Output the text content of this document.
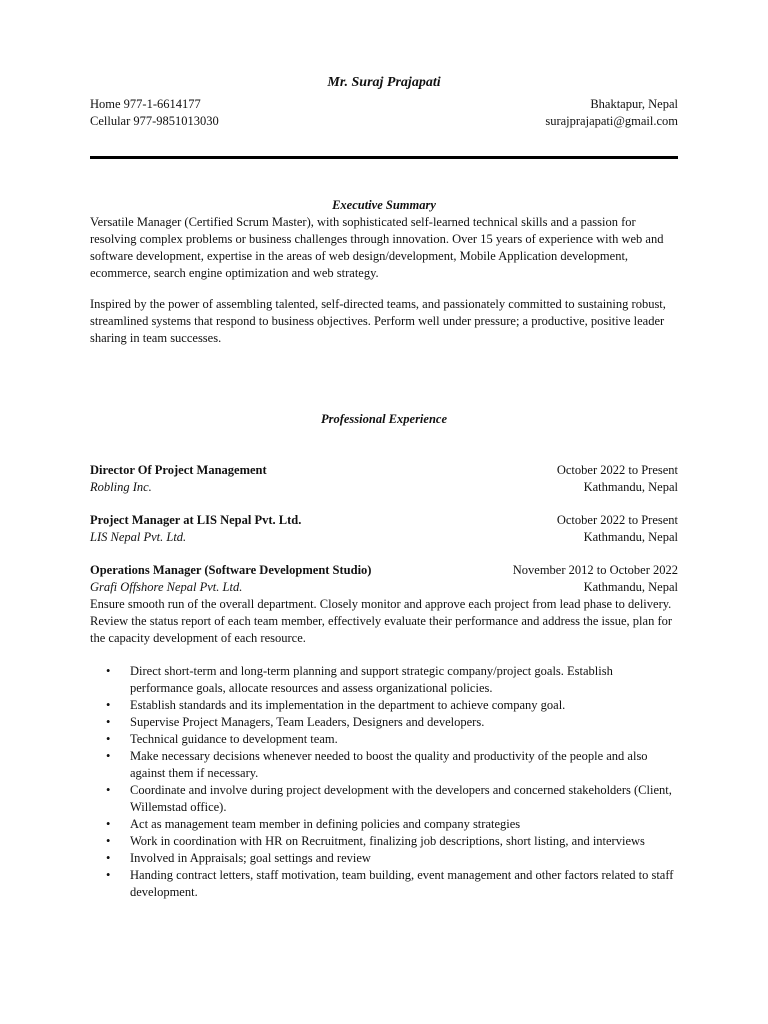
Mr. Suraj Prajapati
Home 977-1-6614177	Bhaktapur, Nepal
Cellular 977-9851013030	surajprajapati@gmail.com
Executive Summary

Versatile Manager (Certified Scrum Master), with sophisticated self-learned technical skills and a passion for resolving complex problems or business challenges through innovation. Over 15 years of experience with web and software development, expertise in the areas of web design/development, Mobile Application development, ecommerce, search engine optimization and web strategy.

Inspired by the power of assembling talented, self-directed teams, and passionately committed to sustaining robust, streamlined systems that respond to business objectives. Perform well under pressure; a productive, positive leader sharing in team successes.

Professional Experience
Director Of Project Management	October 2022 to Present
Robling Inc.	Kathmandu, Nepal
Project Manager at LIS Nepal Pvt. Ltd.	October 2022 to Present
LIS Nepal Pvt. Ltd.	Kathmandu, Nepal
Operations Manager (Software Development Studio)	November 2012 to October 2022
Grafi Offshore Nepal Pvt. Ltd.	Kathmandu, Nepal

Ensure smooth run of the overall department. Closely monitor and approve each project from lead phase to delivery. Review the status report of each team member, effectively evaluate their performance and address the issue, plan for the capacity development of each resource.

• Direct short-term and long-term planning and support strategic company/project goals. Establish performance goals, allocate resources and assess organizational policies.
• Establish standards and its implementation in the department to achieve company goal.
• Supervise Project Managers, Team Leaders, Designers and developers.
• Technical guidance to development team.
• Make necessary decisions whenever needed to boost the quality and productivity of the people and also against them if necessary.
• Coordinate and involve during project development with the developers and concerned stakeholders (Client, Willemstad office).
• Act as management team member in defining policies and company strategies
• Work in coordination with HR on Recruitment, finalizing job descriptions, short listing, and interviews
• Involved in Appraisals; goal settings and review
• Handing contract letters, staff motivation, team building, event management and other factors related to staff development.
